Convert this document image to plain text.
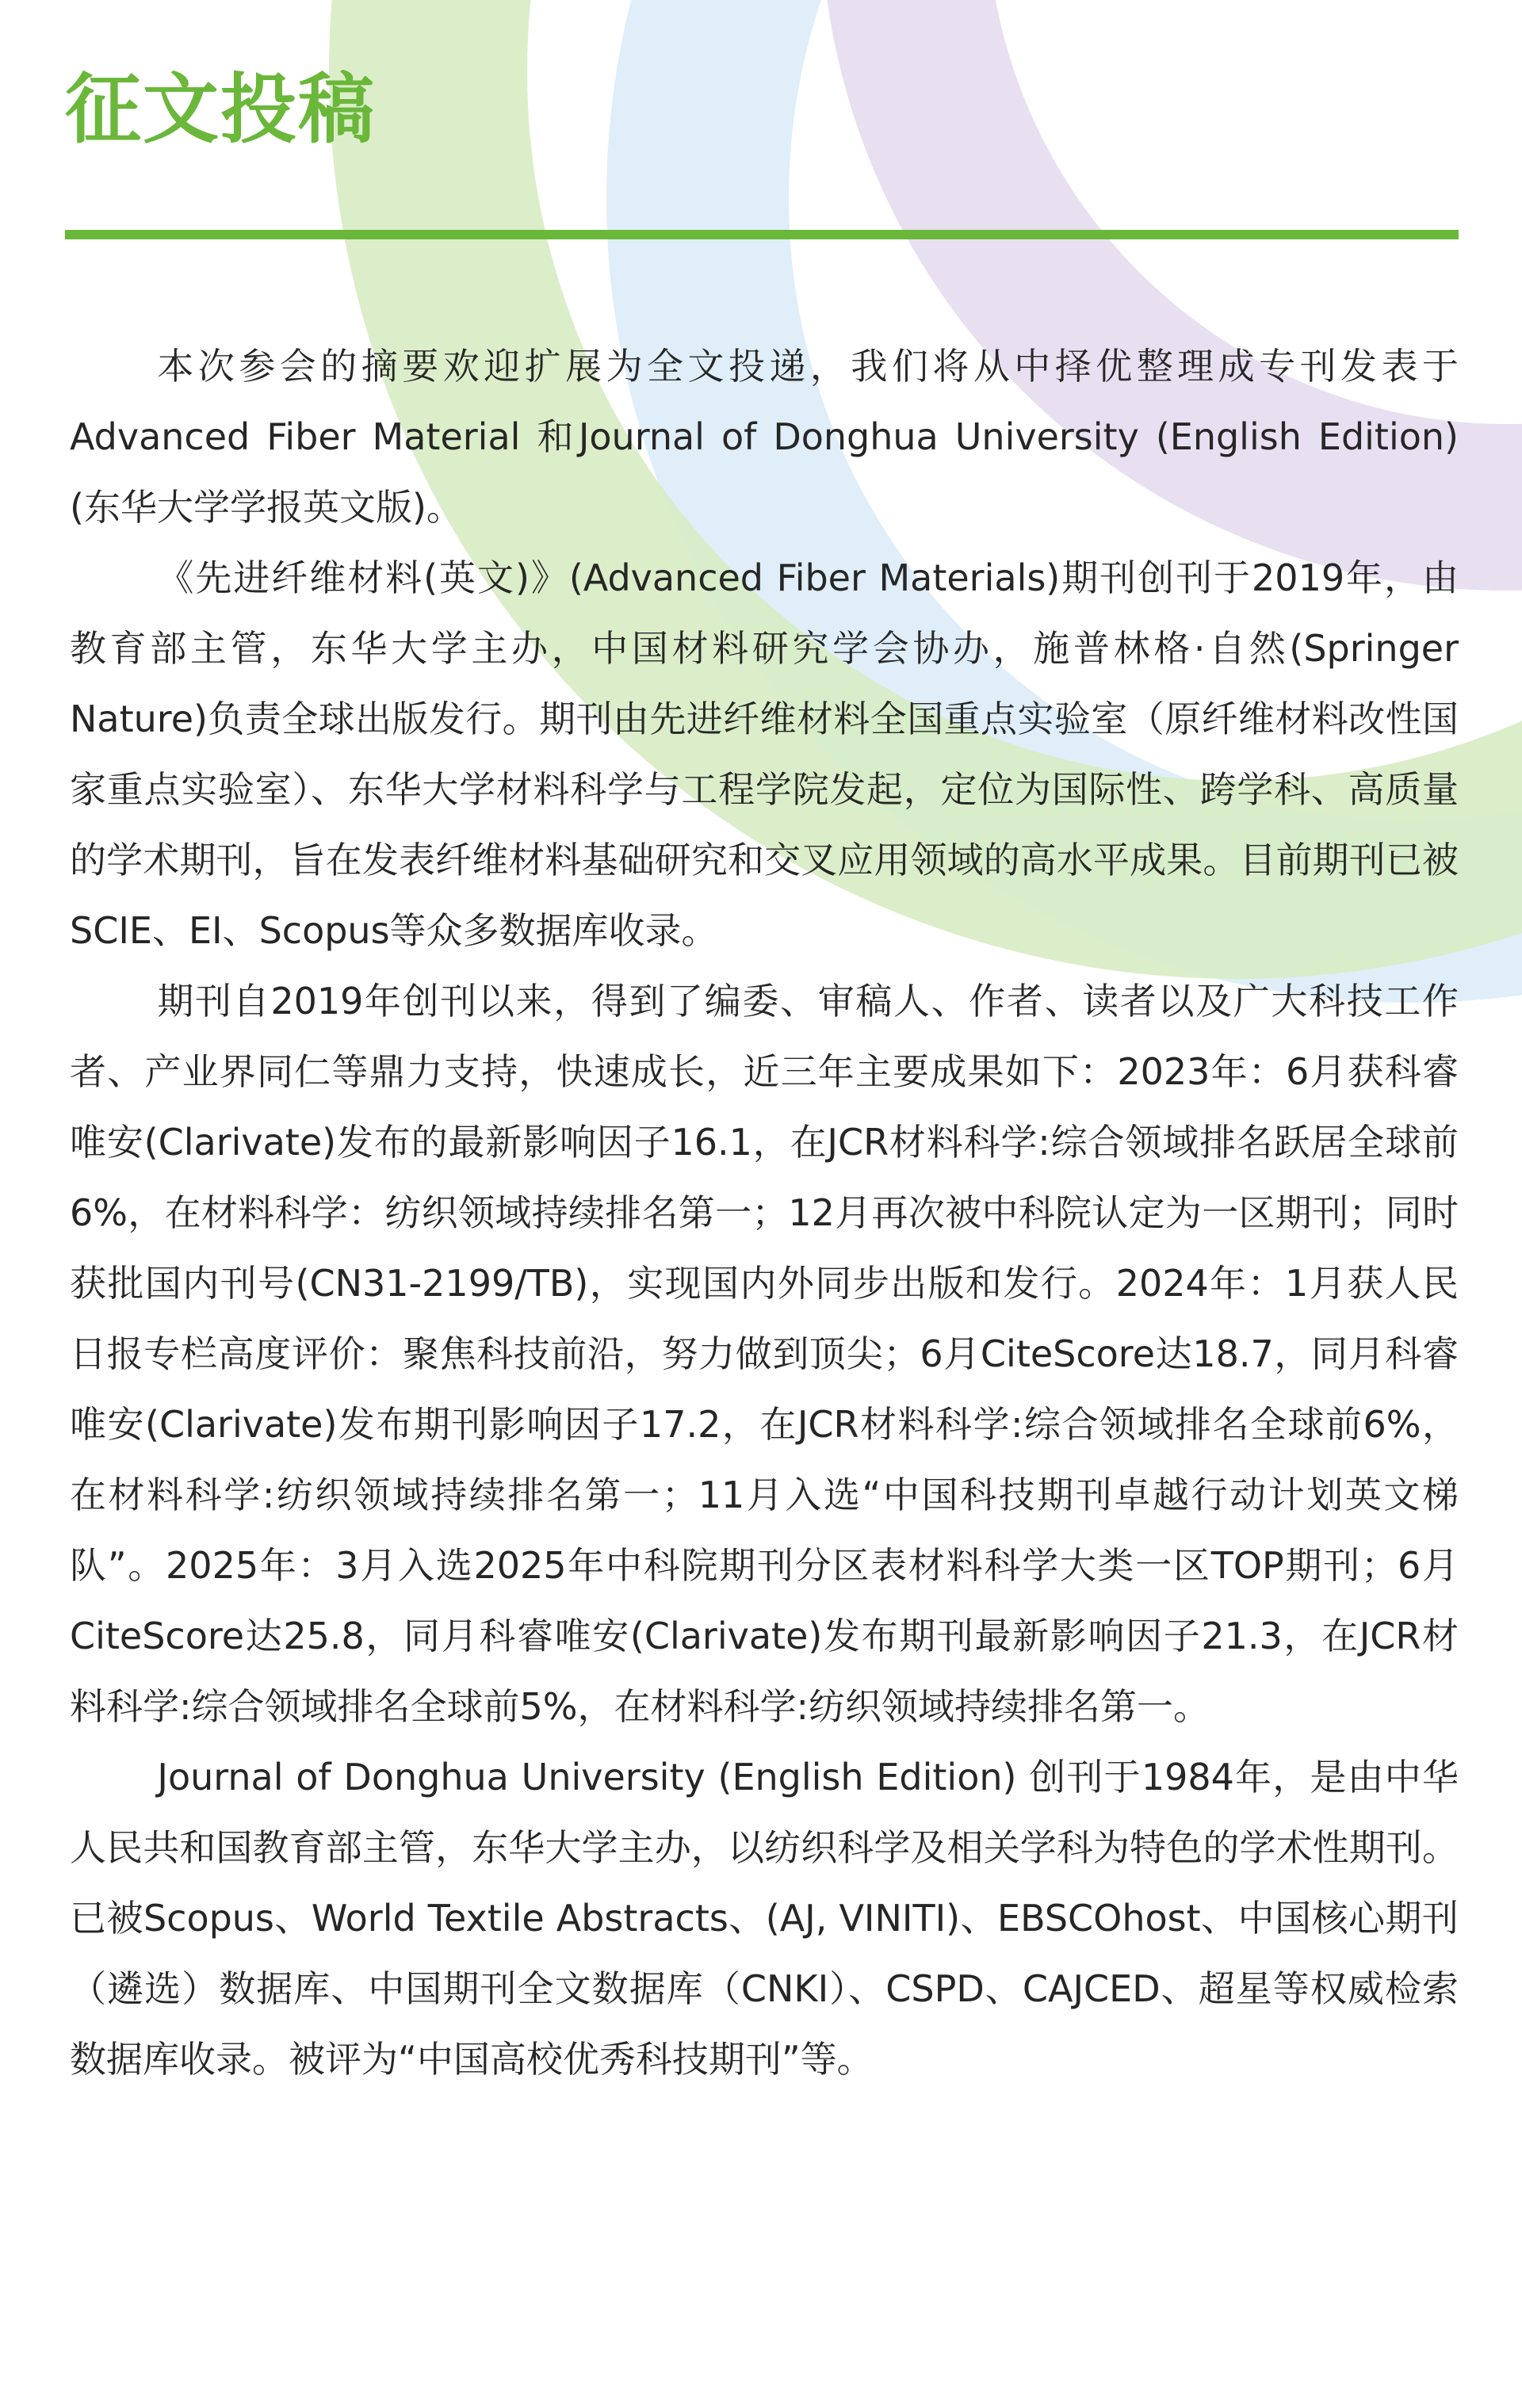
征文投稿

本次参会的摘要欢迎扩展为全文投递，我们将从中择优整理成专刊发表于Advanced Fiber Material 和Journal of Donghua University (English Edition) (东华大学学报英文版)。

《先进纤维材料(英文)》(Advanced Fiber Materials)期刊创刊于2019年，由教育部主管，东华大学主办，中国材料研究学会协办，施普林格·自然(Springer Nature)负责全球出版发行。期刊由先进纤维材料全国重点实验室（原纤维材料改性国家重点实验室）、东华大学材料科学与工程学院发起，定位为国际性、跨学科、高质量的学术期刊，旨在发表纤维材料基础研究和交叉应用领域的高水平成果。目前期刊已被SCIE、EI、Scopus等众多数据库收录。

期刊自2019年创刊以来，得到了编委、审稿人、作者、读者以及广大科技工作者、产业界同仁等鼎力支持，快速成长，近三年主要成果如下：2023年：6月获科睿唯安(Clarivate)发布的最新影响因子16.1，在JCR材料科学:综合领域排名跃居全球前6%，在材料科学：纺织领域持续排名第一；12月再次被中科院认定为一区期刊；同时获批国内刊号(CN31-2199/TB)，实现国内外同步出版和发行。2024年：1月获人民日报专栏高度评价：聚焦科技前沿，努力做到顶尖；6月CiteScore达18.7，同月科睿唯安(Clarivate)发布期刊影响因子17.2，在JCR材料科学:综合领域排名全球前6%，在材料科学:纺织领域持续排名第一；11月入选“中国科技期刊卓越行动计划英文梯队”。2025年：3月入选2025年中科院期刊分区表材料科学大类一区TOP期刊；6月CiteScore达25.8，同月科睿唯安(Clarivate)发布期刊最新影响因子21.3，在JCR材料科学:综合领域排名全球前5%，在材料科学:纺织领域持续排名第一。

Journal of Donghua University (English Edition) 创刊于1984年，是由中华人民共和国教育部主管，东华大学主办，以纺织科学及相关学科为特色的学术性期刊。已被Scopus、World Textile Abstracts、(AJ, VINITI)、EBSCOhost、中国核心期刊（遴选）数据库、中国期刊全文数据库（CNKI）、CSPD、CAJCED、超星等权威检索数据库收录。被评为“中国高校优秀科技期刊”等。
